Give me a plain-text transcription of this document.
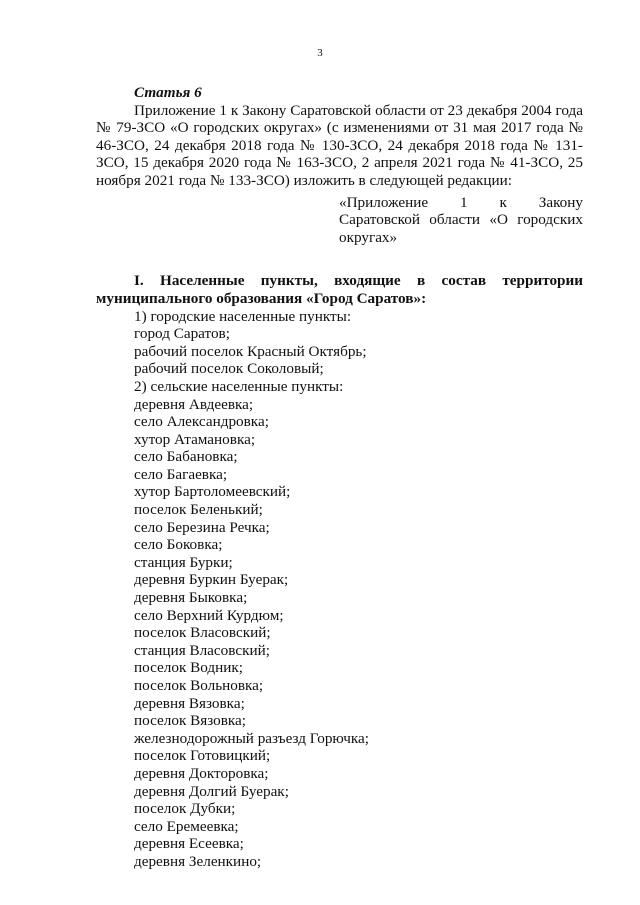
3

Статья 6

Приложение 1 к Закону Саратовской области от 23 декабря 2004 года № 79-ЗСО «О городских округах» (с изменениями от 31 мая 2017 года № 46-ЗСО, 24 декабря 2018 года № 130-ЗСО, 24 декабря 2018 года № 131-ЗСО, 15 декабря 2020 года № 163-ЗСО, 2 апреля 2021 года № 41-ЗСО, 25 ноября 2021 года № 133-ЗСО) изложить в следующей редакции:

«Приложение 1 к Закону Саратовской области «О городских округах»

I. Населенные пункты, входящие в состав территории муниципального образования «Город Саратов»:

1) городские населенные пункты:
город Саратов;
рабочий поселок Красный Октябрь;
рабочий поселок Соколовый;
2) сельские населенные пункты:
деревня Авдеевка;
село Александровка;
хутор Атамановка;
село Бабановка;
село Багаевка;
хутор Бартоломеевский;
поселок Беленький;
село Березина Речка;
село Боковка;
станция Бурки;
деревня Буркин Буерак;
деревня Быковка;
село Верхний Курдюм;
поселок Власовский;
станция Власовский;
поселок Водник;
поселок Вольновка;
деревня Вязовка;
поселок Вязовка;
железнодорожный разъезд Горючка;
поселок Готовицкий;
деревня Докторовка;
деревня Долгий Буерак;
поселок Дубки;
село Еремеевка;
деревня Есеевка;
деревня Зеленкино;
